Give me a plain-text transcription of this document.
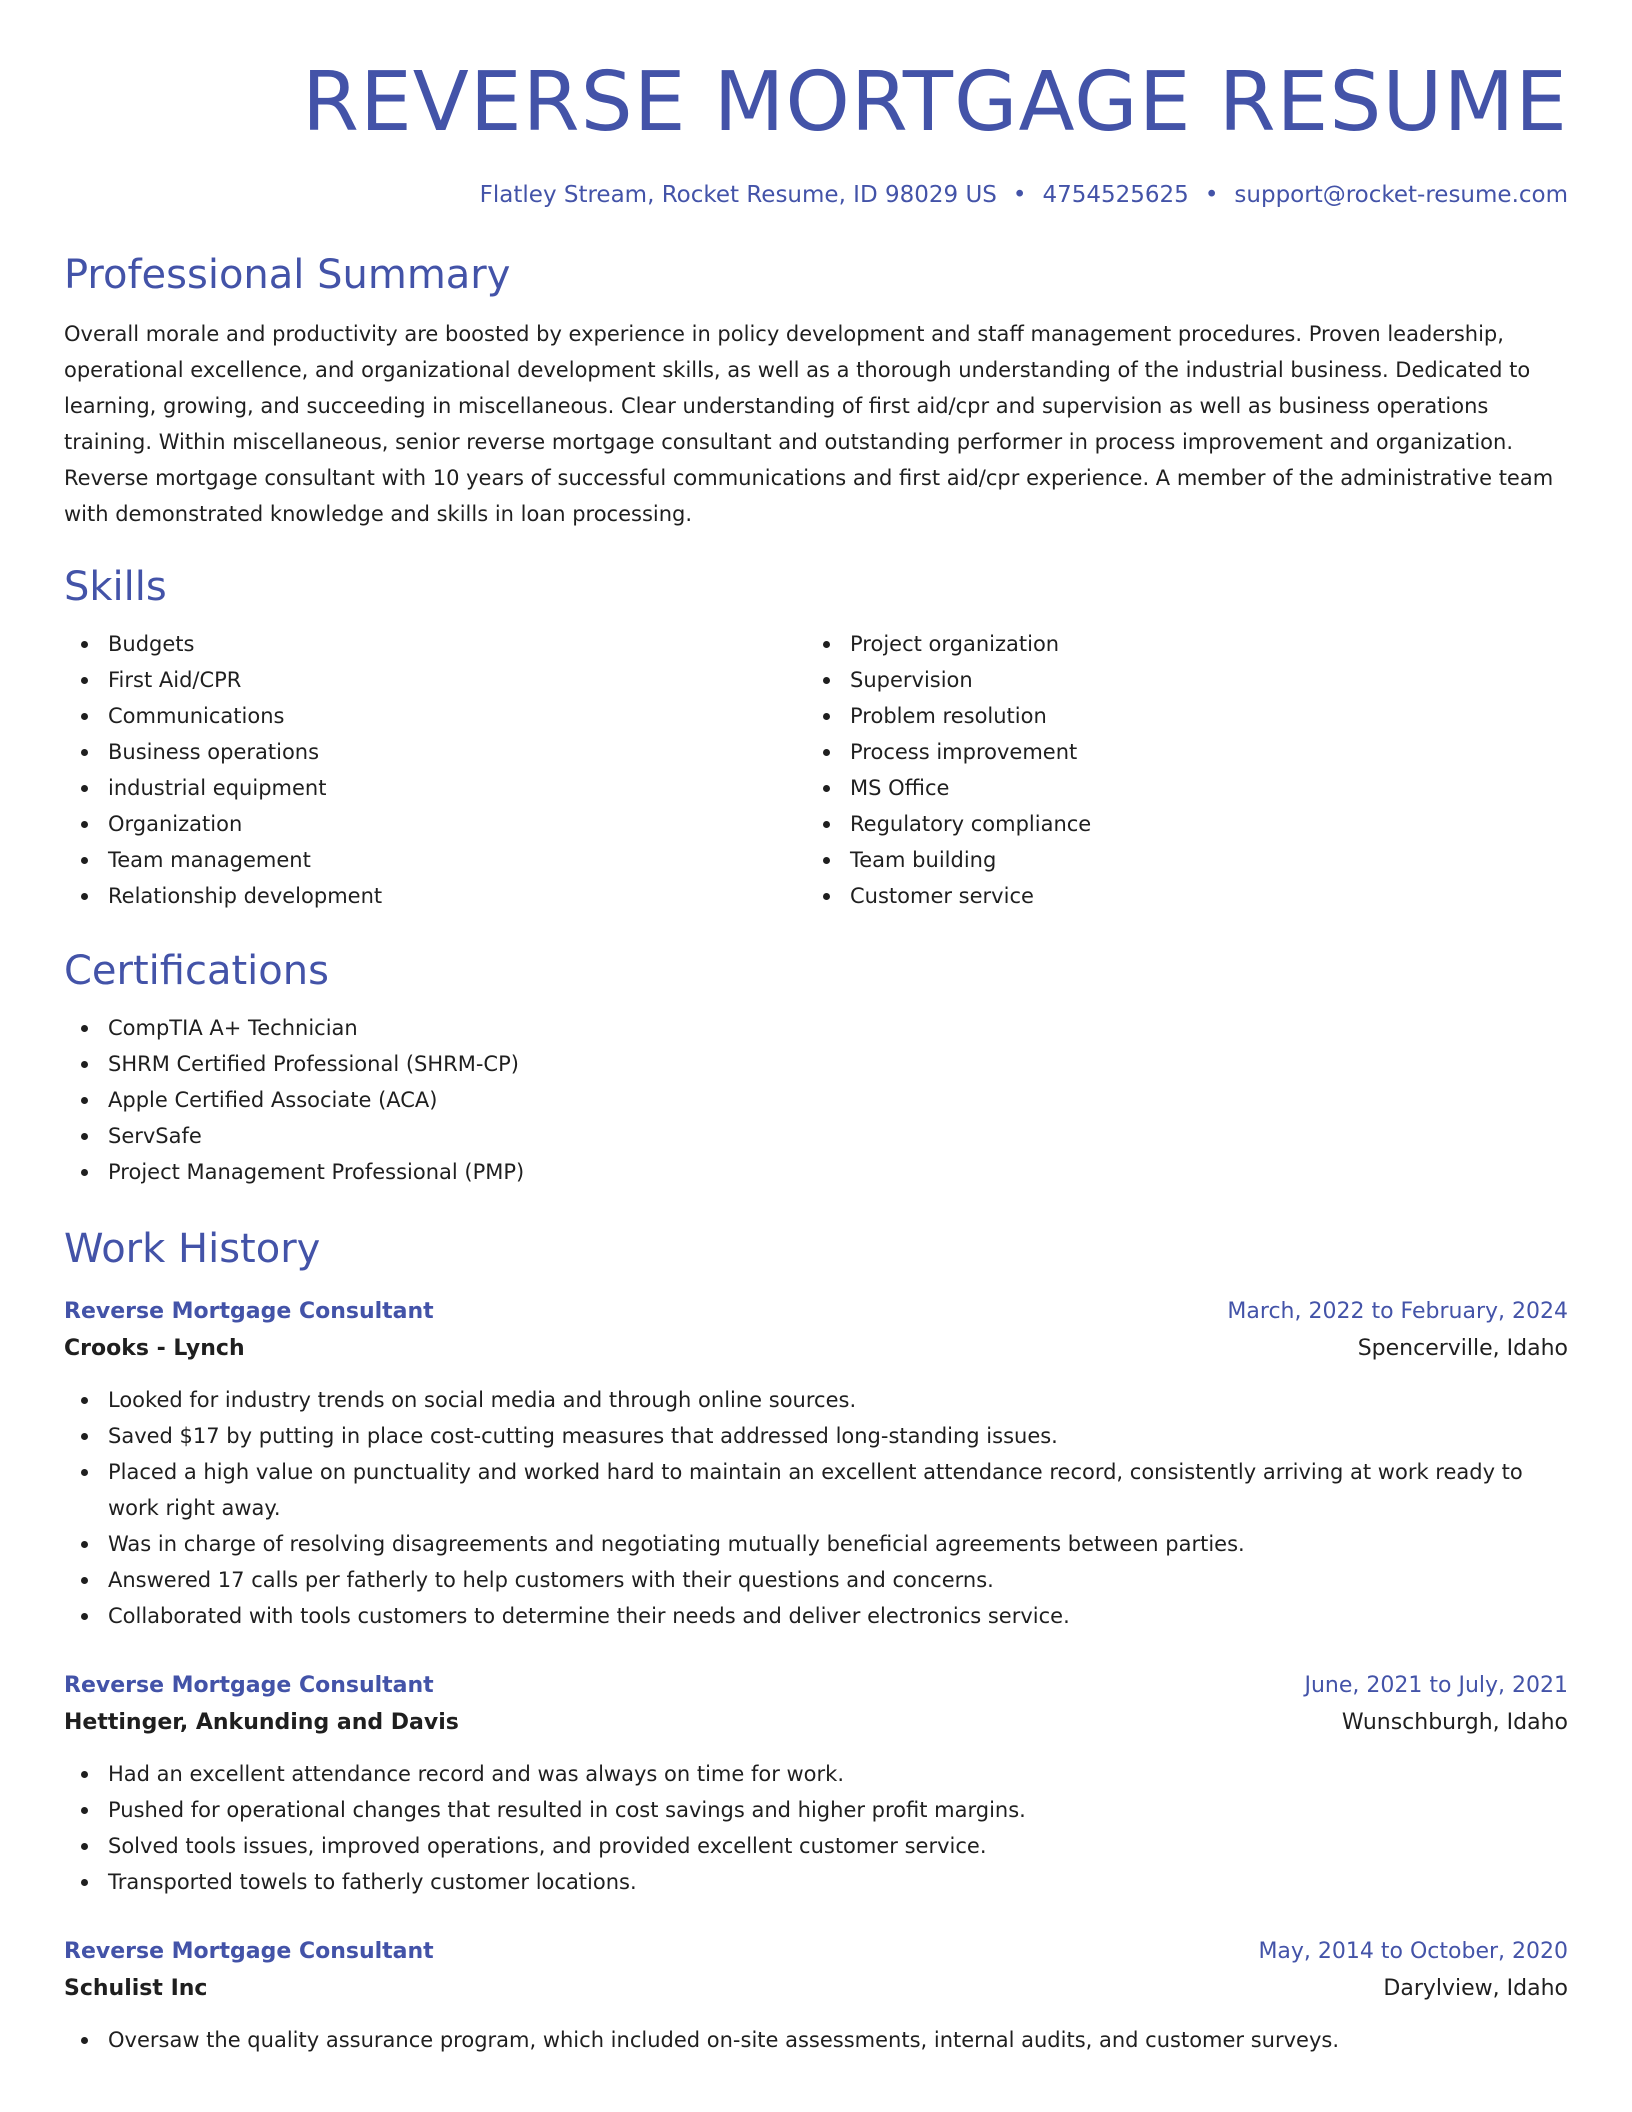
REVERSE MORTGAGE RESUME
Flatley Stream, Rocket Resume, ID 98029 US • 4754525625 • support@rocket-resume.com
Professional Summary

Overall morale and productivity are boosted by experience in policy development and staff management procedures. Proven leadership, operational excellence, and organizational development skills, as well as a thorough understanding of the industrial business. Dedicated to learning, growing, and succeeding in miscellaneous. Clear understanding of first aid/cpr and supervision as well as business operations training. Within miscellaneous, senior reverse mortgage consultant and outstanding performer in process improvement and organization. Reverse mortgage consultant with 10 years of successful communications and first aid/cpr experience. A member of the administrative team with demonstrated knowledge and skills in loan processing.

Skills
Budgets
First Aid/CPR
Communications
Business operations
industrial equipment
Organization
Team management
Relationship development
Project organization
Supervision
Problem resolution
Process improvement
MS Office
Regulatory compliance
Team building
Customer service
Certifications
CompTIA A+ Technician
SHRM Certified Professional (SHRM-CP)
Apple Certified Associate (ACA)
ServSafe
Project Management Professional (PMP)
Work History
Reverse Mortgage Consultant	March, 2022 to February, 2024
Crooks - Lynch	Spencerville, Idaho
Looked for industry trends on social media and through online sources.
Saved $17 by putting in place cost-cutting measures that addressed long-standing issues.
Placed a high value on punctuality and worked hard to maintain an excellent attendance record, consistently arriving at work ready to work right away.
Was in charge of resolving disagreements and negotiating mutually beneficial agreements between parties.
Answered 17 calls per fatherly to help customers with their questions and concerns.
Collaborated with tools customers to determine their needs and deliver electronics service.
Reverse Mortgage Consultant	June, 2021 to July, 2021
Hettinger, Ankunding and Davis	Wunschburgh, Idaho
Had an excellent attendance record and was always on time for work.
Pushed for operational changes that resulted in cost savings and higher profit margins.
Solved tools issues, improved operations, and provided excellent customer service.
Transported towels to fatherly customer locations.
Reverse Mortgage Consultant	May, 2014 to October, 2020
Schulist Inc	Darylview, Idaho
Oversaw the quality assurance program, which included on-site assessments, internal audits, and customer surveys.
